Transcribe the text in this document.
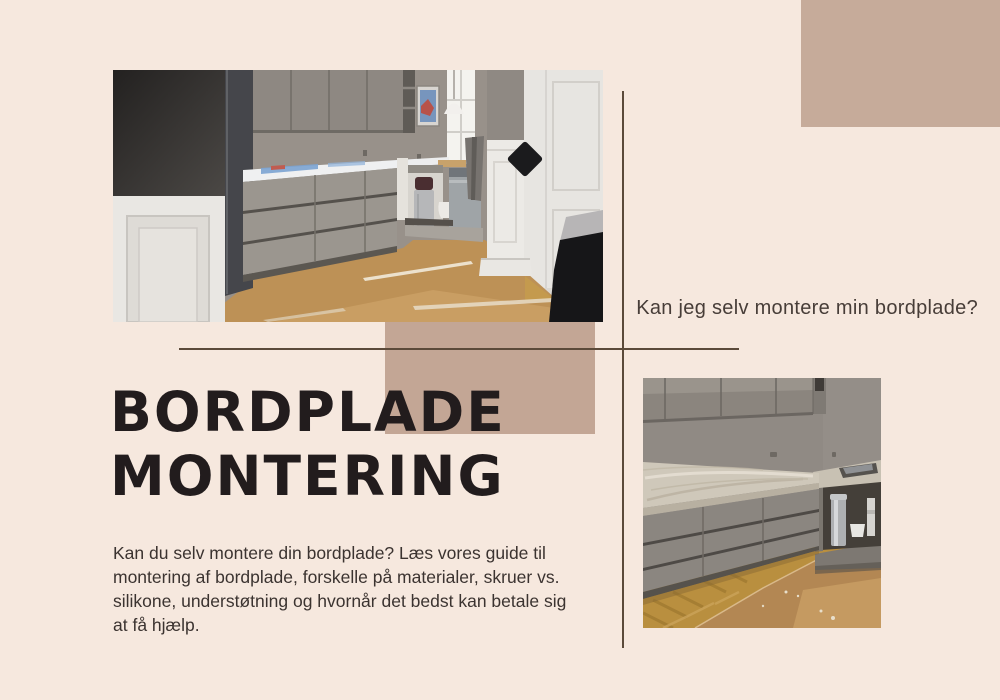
Kan jeg selv montere min bordplade?
BORDPLADE
MONTERING

Kan du selv montere din bordplade? Læs vores guide til montering af bordplade, forskelle på materialer, skruer vs. silikone, understøtning og hvornår det bedst kan betale sig at få hjælp.
